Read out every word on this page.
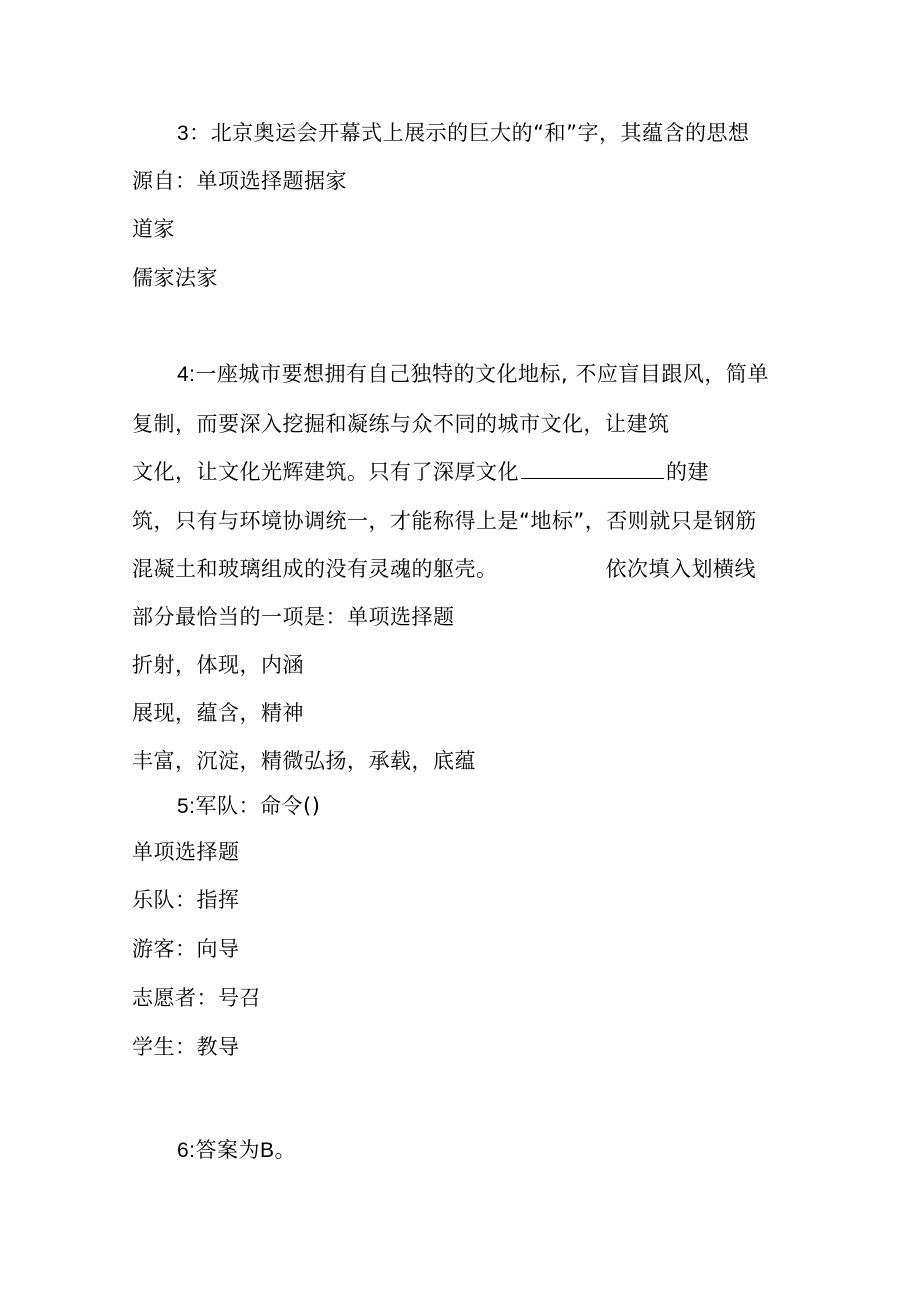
3：北京奥运会开幕式上展示的巨大的“和”字，其蕴含的思想
源自：单项选择题据家
道家
儒家法家
4:一座城市要想拥有自己独特的文化地标, 不应盲目跟风，简单
复制，而要深入挖掘和凝练与众不同的城市文化，让建筑
文化，让文化光辉建筑。只有了深厚文化	的建
筑，只有与环境协调统一，才能称得上是“地标”，否则就只是钢筋
混凝土和玻璃组成的没有灵魂的躯壳。	依次填入划横线
部分最恰当的一项是：单项选择题
折射，体现，内涵
展现，蕴含，精神
丰富，沉淀，精微弘扬，承载，底蕴
5:军队：命令()
单项选择题
乐队：指挥
游客：向导
志愿者：号召
学生：教导
6:答案为B。
